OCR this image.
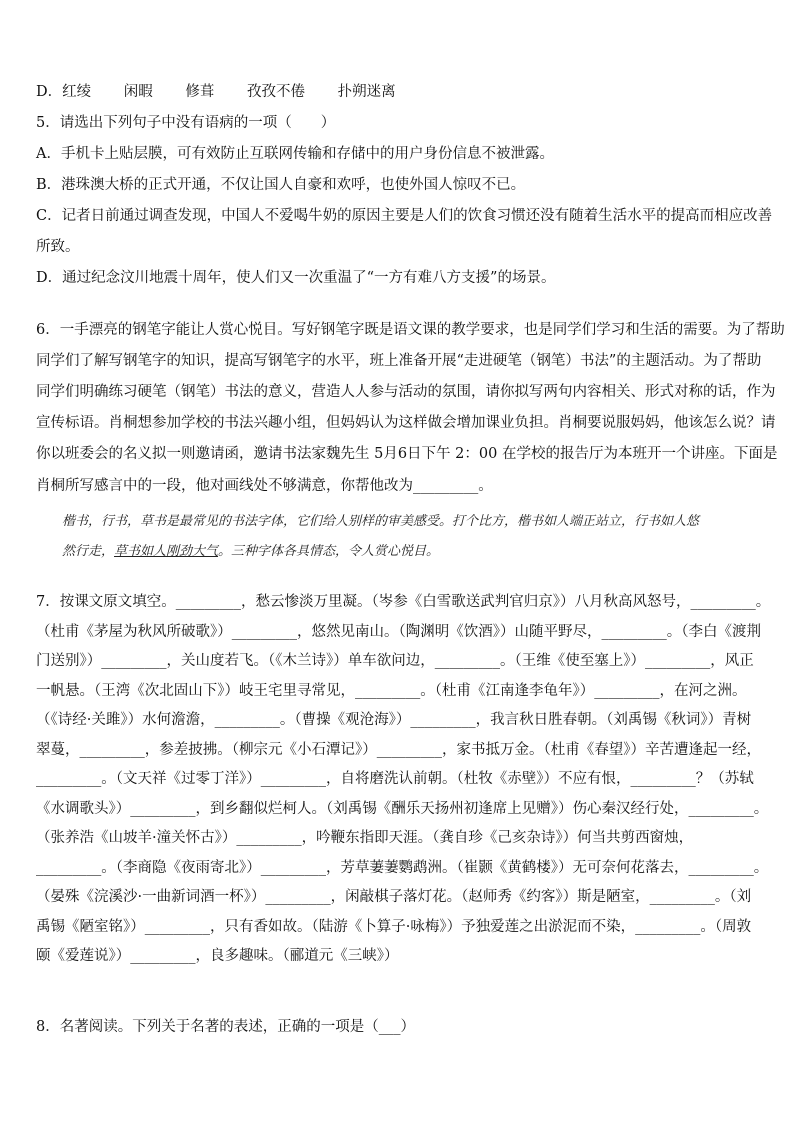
D．红绫 闲暇 修葺 孜孜不倦 扑朔迷离
5．请选出下列句子中没有语病的一项（　　）
A．手机卡上贴层膜，可有效防止互联网传输和存储中的用户身份信息不被泄露。
B．港珠澳大桥的正式开通，不仅让国人自豪和欢呼，也使外国人惊叹不已。
C．记者日前通过调查发现，中国人不爱喝牛奶的原因主要是人们的饮食习惯还没有随着生活水平的提高而相应改善
所致。
D．通过纪念汶川地震十周年，使人们又一次重温了“一方有难八方支援”的场景。
6．一手漂亮的钢笔字能让人赏心悦目。写好钢笔字既是语文课的教学要求，也是同学们学习和生活的需要。为了帮助
同学们了解写钢笔字的知识，提高写钢笔字的水平，班上准备开展“走进硬笔（钢笔）书法”的主题活动。为了帮助
同学们明确练习硬笔（钢笔）书法的意义，营造人人参与活动的氛围，请你拟写两句内容相关、形式对称的话，作为
宣传标语。肖桐想参加学校的书法兴趣小组，但妈妈认为这样做会增加课业负担。肖桐要说服妈妈，他该怎么说？请
你以班委会的名义拟一则邀请函，邀请书法家魏先生 5月6日下午 2：00 在学校的报告厅为本班开一个讲座。下面是
肖桐所写感言中的一段，他对画线处不够满意，你帮他改为_________。
楷书，行书，草书是最常见的书法字体，它们给人别样的审美感受。打个比方，楷书如人端正站立，行书如人悠
然行走，草书如人刚劲大气。三种字体各具情态，令人赏心悦目。
7．按课文原文填空。_________，愁云惨淡万里凝。（岑参《白雪歌送武判官归京》）八月秋高风怒号，_________。
（杜甫《茅屋为秋风所破歌》）_________，悠然见南山。（陶渊明《饮酒》）山随平野尽，_________。（李白《渡荆
门送别》）_________，关山度若飞。（《木兰诗》）单车欲问边，_________。（王维《使至塞上》）_________，风正
一帆悬。（王湾《次北固山下》）岐王宅里寻常见，_________。（杜甫《江南逢李龟年》）_________，在河之洲。
（《诗经·关雎》）水何澹澹，_________。（曹操《观沧海》）_________，我言秋日胜春朝。（刘禹锡《秋词》）青树
翠蔓，_________，参差披拂。（柳宗元《小石潭记》）_________，家书抵万金。（杜甫《春望》）辛苦遭逢起一经，
_________。（文天祥《过零丁洋》）_________，自将磨洗认前朝。（杜牧《赤壁》）不应有恨，_________？（苏轼
《水调歌头》）_________，到乡翻似烂柯人。（刘禹锡《酬乐天扬州初逢席上见赠》）伤心秦汉经行处，_________。
（张养浩《山坡羊·潼关怀古》）_________，吟鞭东指即天涯。（龚自珍《己亥杂诗》）何当共剪西窗烛，
_________。（李商隐《夜雨寄北》）_________，芳草萋萋鹦鹉洲。（崔颢《黄鹤楼》）无可奈何花落去，_________。
（晏殊《浣溪沙·一曲新词酒一杯》）_________，闲敲棋子落灯花。（赵师秀《约客》）斯是陋室，_________。（刘
禹锡《陋室铭》）_________，只有香如故。（陆游《卜算子·咏梅》）予独爱莲之出淤泥而不染，_________。（周敦
颐《爱莲说》）_________，良多趣味。（郦道元《三峡》）
8．名著阅读。下列关于名著的表述，正确的一项是（___）
